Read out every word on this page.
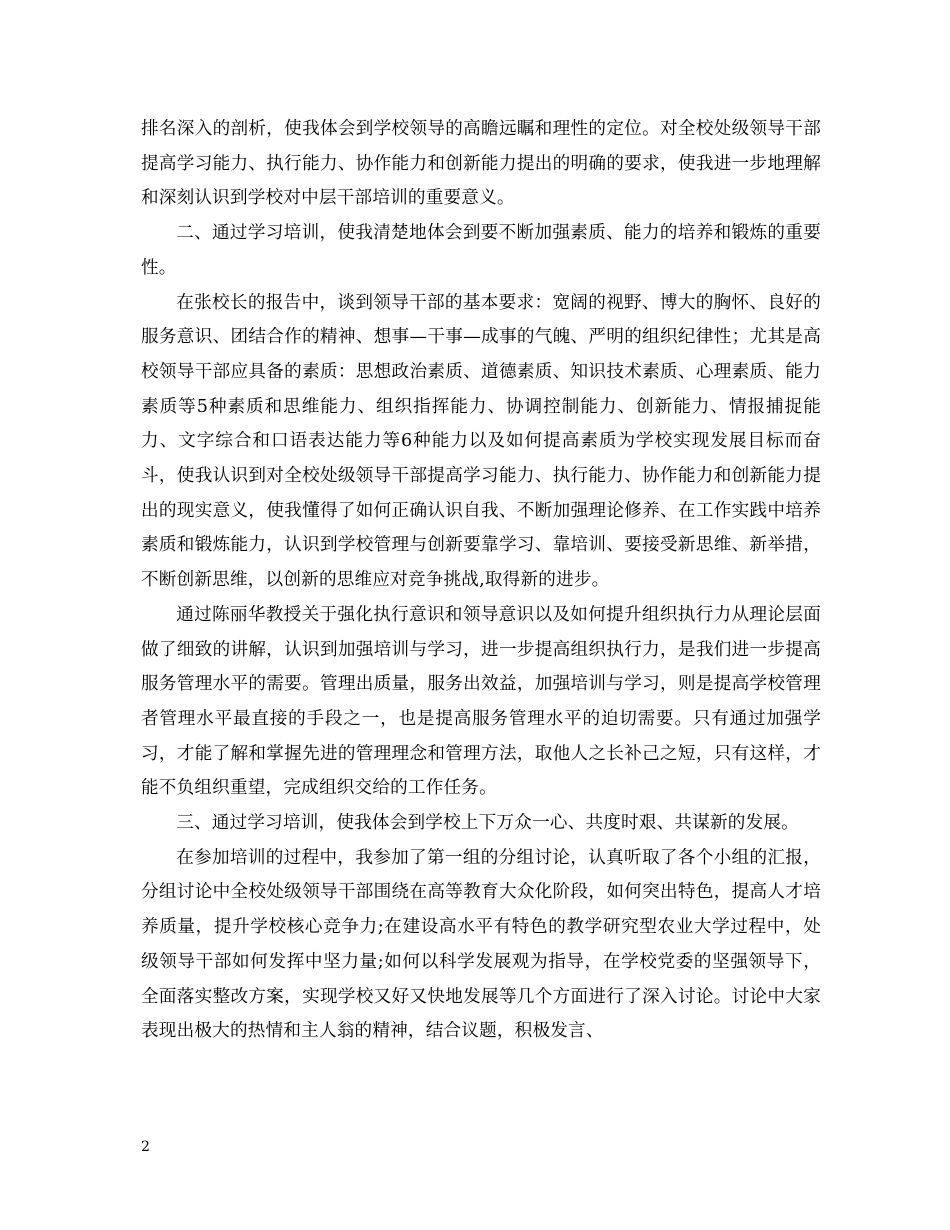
排名深入的剖析，使我体会到学校领导的高瞻远瞩和理性的定位。对全校处级领导干部提高学习能力、执行能力、协作能力和创新能力提出的明确的要求，使我进一步地理解和深刻认识到学校对中层干部培训的重要意义。

二、通过学习培训，使我清楚地体会到要不断加强素质、能力的培养和锻炼的重要性。

在张校长的报告中，谈到领导干部的基本要求：宽阔的视野、博大的胸怀、良好的服务意识、团结合作的精神、想事—干事—成事的气魄、严明的组织纪律性；尤其是高校领导干部应具备的素质：思想政治素质、道德素质、知识技术素质、心理素质、能力素质等5种素质和思维能力、组织指挥能力、协调控制能力、创新能力、情报捕捉能力、文字综合和口语表达能力等6种能力以及如何提高素质为学校实现发展目标而奋斗，使我认识到对全校处级领导干部提高学习能力、执行能力、协作能力和创新能力提出的现实意义，使我懂得了如何正确认识自我、不断加强理论修养、在工作实践中培养素质和锻炼能力，认识到学校管理与创新要靠学习、靠培训、要接受新思维、新举措，不断创新思维，以创新的思维应对竞争挑战,取得新的进步。

通过陈丽华教授关于强化执行意识和领导意识以及如何提升组织执行力从理论层面做了细致的讲解，认识到加强培训与学习，进一步提高组织执行力，是我们进一步提高服务管理水平的需要。管理出质量，服务出效益，加强培训与学习，则是提高学校管理者管理水平最直接的手段之一，也是提高服务管理水平的迫切需要。只有通过加强学习，才能了解和掌握先进的管理理念和管理方法，取他人之长补己之短，只有这样，才能不负组织重望，完成组织交给的工作任务。

三、通过学习培训，使我体会到学校上下万众一心、共度时艰、共谋新的发展。

在参加培训的过程中，我参加了第一组的分组讨论，认真听取了各个小组的汇报，分组讨论中全校处级领导干部围绕在高等教育大众化阶段，如何突出特色，提高人才培养质量，提升学校核心竞争力;在建设高水平有特色的教学研究型农业大学过程中，处级领导干部如何发挥中坚力量;如何以科学发展观为指导，在学校党委的坚强领导下，全面落实整改方案，实现学校又好又快地发展等几个方面进行了深入讨论。讨论中大家表现出极大的热情和主人翁的精神，结合议题，积极发言、

2
